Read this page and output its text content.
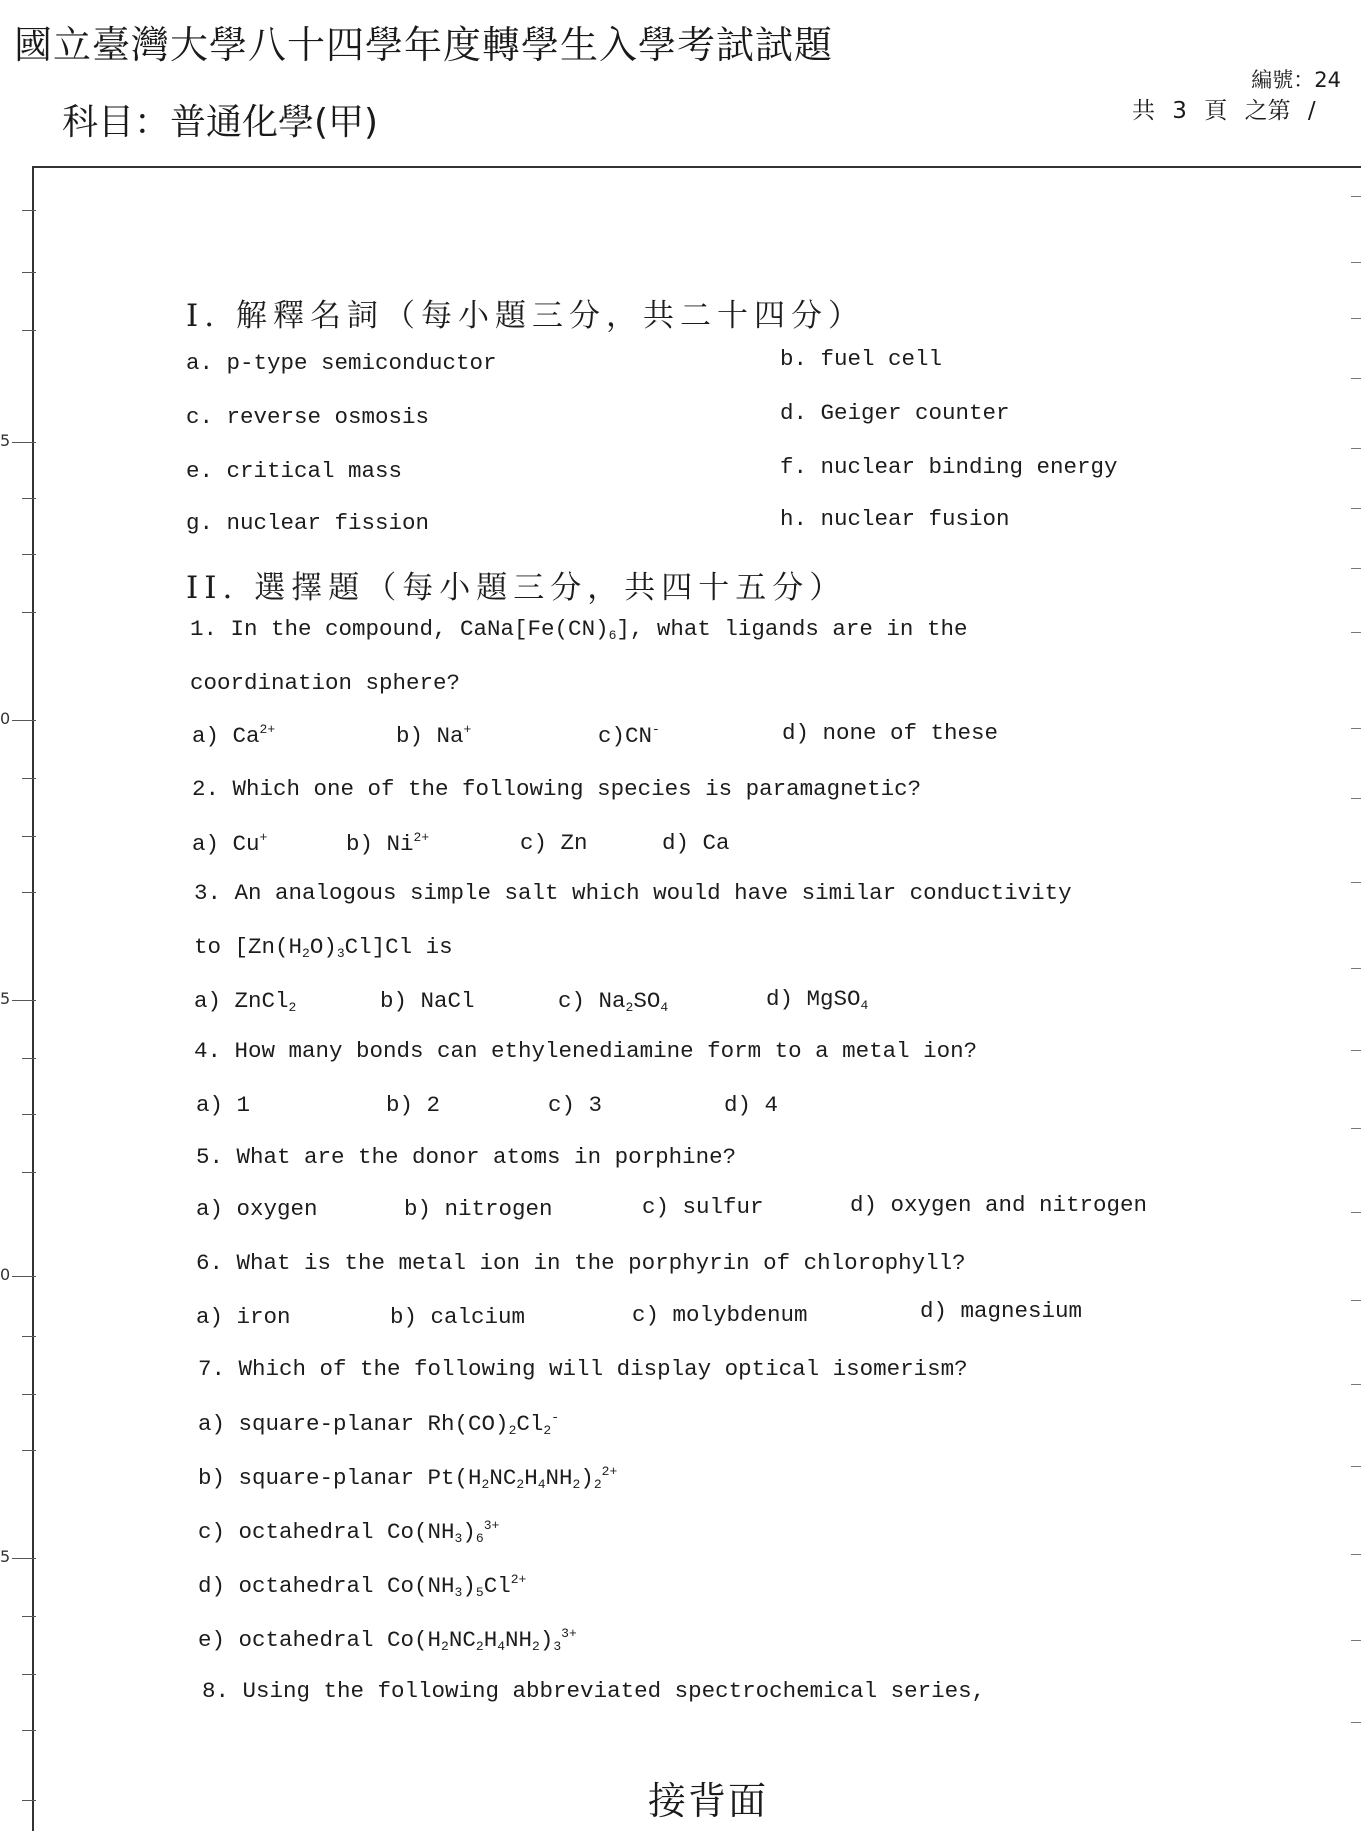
國立臺灣大學八十四學年度轉學生入學考試試題
科目：普通化學(甲)
編號：24
共 3 頁 之第 /
5
0
5
0
5
I. 解釋名詞（每小題三分，共二十四分）
a. p-type semiconductor	b. fuel cell
c. reverse osmosis	d. Geiger counter
e. critical mass	f. nuclear binding energy
g. nuclear fission	h. nuclear fusion
II. 選擇題（每小題三分，共四十五分）
1. In the compound, $CaNa[Fe(CN)_6]$, what ligands are in the
coordination sphere?
a) $Ca^{2+}$	b) Na+	c)CN-	d) none of these
2. Which one of the following species is paramagnetic?
a) Cu+	b) $Ni^{2+}$	c) Zn	d) Ca
3. An analogous simple salt which would have similar conductivity
to $[Zn(H_2O)_3Cl]Cl$ is
a) ZnCl$_2$	b) NaCl	c) $Na_2SO_4$	d) MgSO$_4$
4. How many bonds can ethylenediamine form to a metal ion?
a) 1	b) 2	c) 3	d) 4
5. What are the donor atoms in porphine?
a) oxygen	b) nitrogen	c) sulfur	d) oxygen and nitrogen
6. What is the metal ion in the porphyrin of chlorophyll?
a) iron	b) calcium	c) molybdenum	d) magnesium
7. Which of the following will display optical isomerism?
a) square-planar $Rh(CO)_2Cl_2^-$
b) square-planar $Pt(H_2NC_2H_4NH_2)_2^{2+}$
c) octahedral $Co(NH_3)_6^{3+}$
d) octahedral $Co(NH_3)_5Cl^{2+}$
e) octahedral $Co(H_2NC_2H_4NH_2)_3^{3+}$
8. Using the following abbreviated spectrochemical series,
接背面
